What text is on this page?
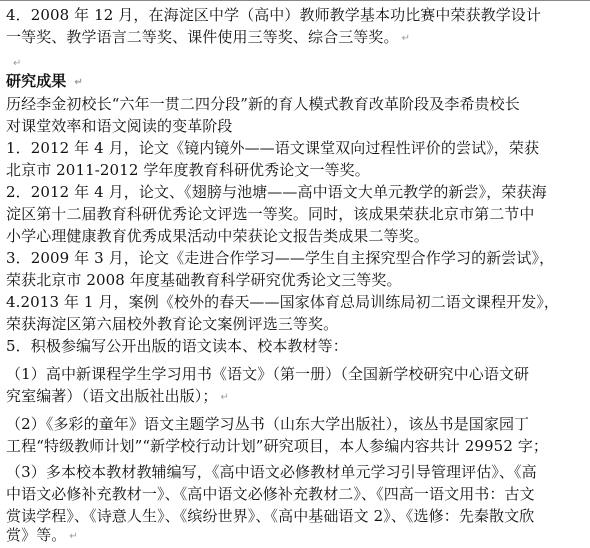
4．2008 年 12 月，在海淀区中学（高中）教师教学基本功比赛中荣获教学设计
一等奖、教学语言二等奖、课件使用三等奖、综合三等奖。 ↵
↵
研究成果 ↵
历经李金初校长“六年一贯二四分段”新的育人模式教育改革阶段及李希贵校长
对课堂效率和语文阅读的变革阶段
1．2012 年 4 月，论文《镜内镜外——语文课堂双向过程性评价的尝试》，荣获
北京市 2011-2012 学年度教育科研优秀论文一等奖。
2．2012 年 4 月，论文、《翅膀与池塘——高中语文大单元教学的新尝》，荣获海
淀区第十二届教育科研优秀论文评选一等奖。同时，该成果荣获北京市第二节中
小学心理健康教育优秀成果活动中荣获论文报告类成果二等奖。
3．2009 年 3 月，论文《走进合作学习——学生自主探究型合作学习的新尝试》，
荣获北京市 2008 年度基础教育科学研究优秀论文三等奖。
4.2013 年 1 月，案例《校外的春天——国家体育总局训练局初二语文课程开发》，
荣获海淀区第六届校外教育论文案例评选三等奖。
5．积极参编写公开出版的语文读本、校本教材等：
（1）高中新课程学生学习用书《语文》（第一册）（全国新学校研究中心语文研
究室编著）（语文出版社出版）； ↵
（2）《多彩的童年》语文主题学习丛书（山东大学出版社），该丛书是国家园丁
工程“特级教师计划”“新学校行动计划”研究项目，本人参编内容共计 29952 字；
（3）多本校本教材教辅编写，《高中语文必修教材单元学习引导管理评估》、《高
中语文必修补充教材一》、《高中语文必修补充教材二》、《四高一语文用书：古文
赏读学程》、《诗意人生》、《缤纷世界》、《高中基础语文 2》、《选修：先秦散文欣
赏》等。 ↵
